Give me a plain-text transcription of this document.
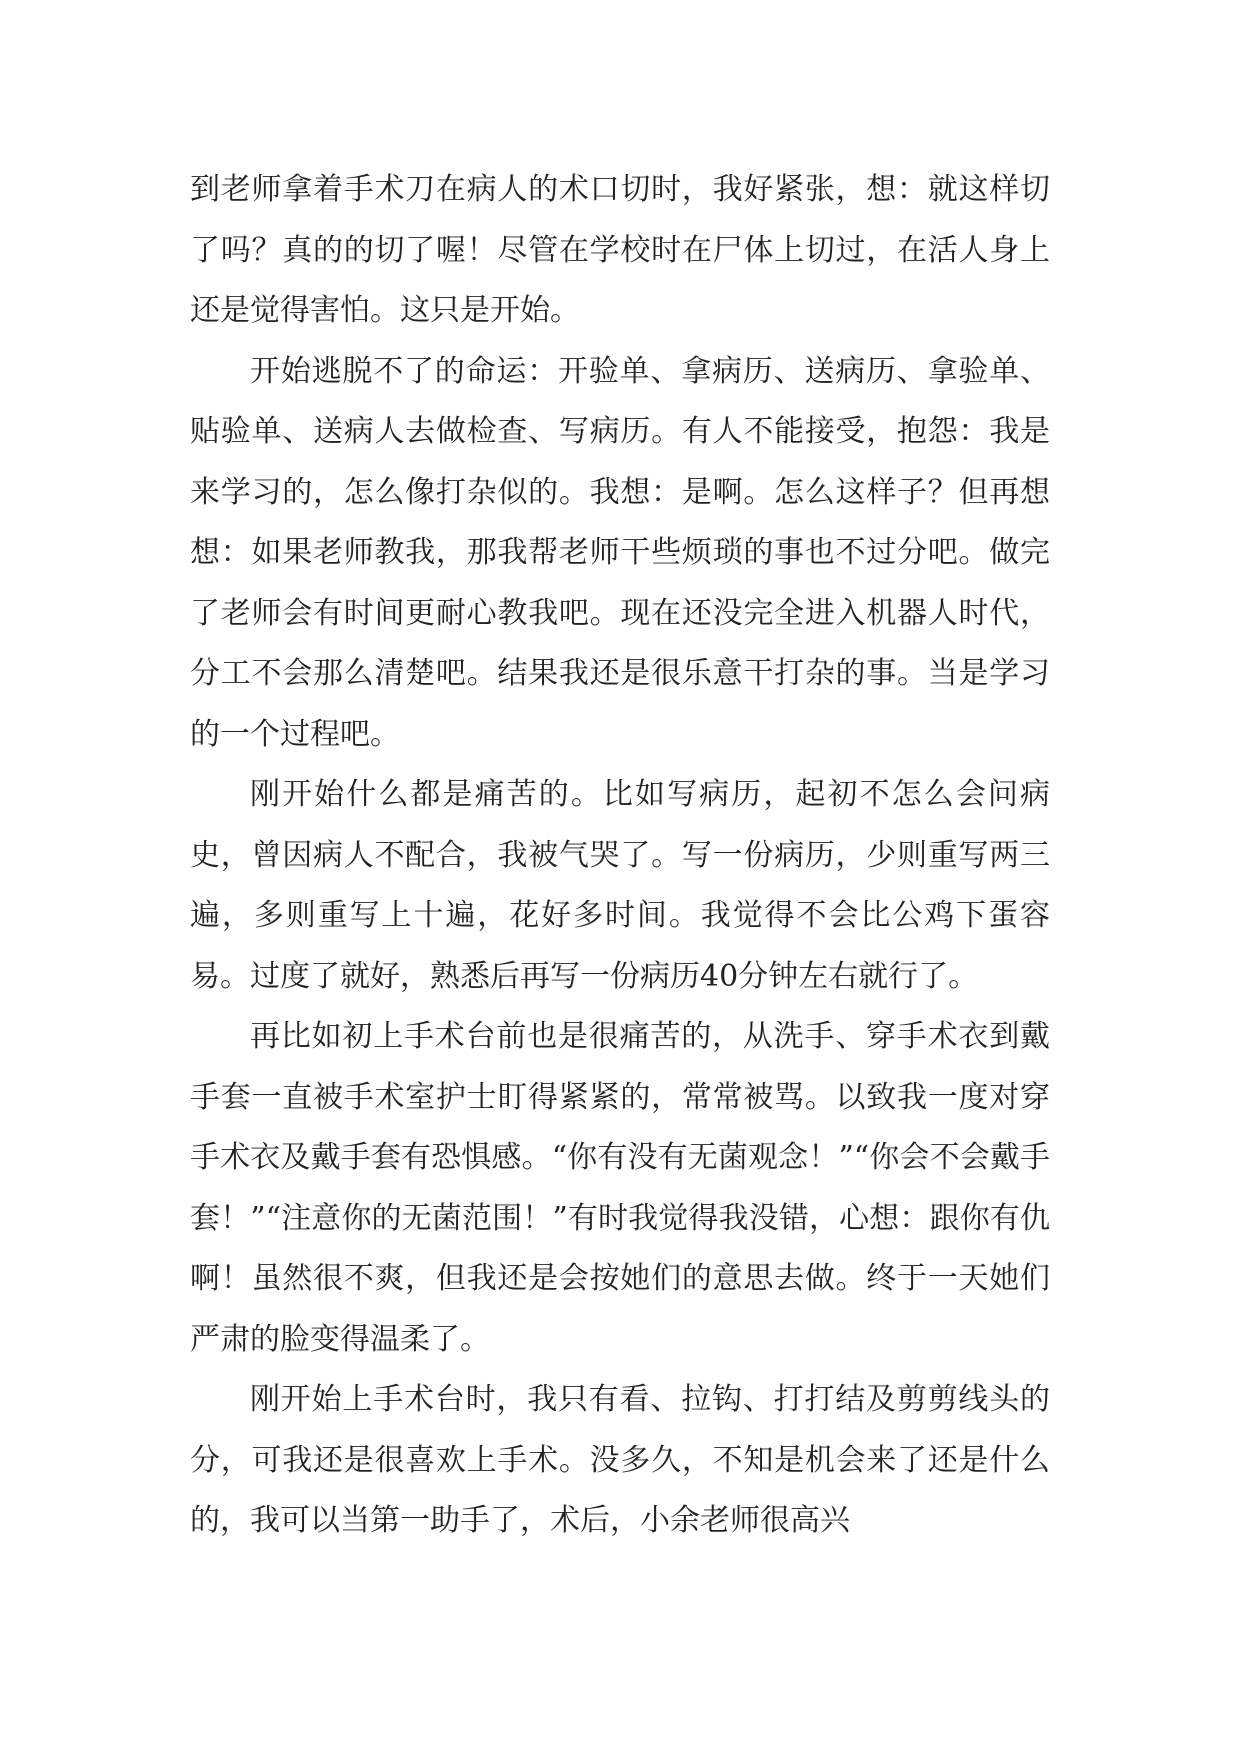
到老师拿着手术刀在病人的术口切时，我好紧张，想：就这样切了吗？真的的切了喔！尽管在学校时在尸体上切过，在活人身上还是觉得害怕。这只是开始。

开始逃脱不了的命运：开验单、拿病历、送病历、拿验单、贴验单、送病人去做检查、写病历。有人不能接受，抱怨：我是来学习的，怎么像打杂似的。我想：是啊。怎么这样子？但再想想：如果老师教我，那我帮老师干些烦琐的事也不过分吧。做完了老师会有时间更耐心教我吧。现在还没完全进入机器人时代，分工不会那么清楚吧。结果我还是很乐意干打杂的事。当是学习的一个过程吧。

刚开始什么都是痛苦的。比如写病历，起初不怎么会问病史，曾因病人不配合，我被气哭了。写一份病历，少则重写两三遍，多则重写上十遍，花好多时间。我觉得不会比公鸡下蛋容易。过度了就好，熟悉后再写一份病历40分钟左右就行了。

再比如初上手术台前也是很痛苦的，从洗手、穿手术衣到戴手套一直被手术室护士盯得紧紧的，常常被骂。以致我一度对穿手术衣及戴手套有恐惧感。“你有没有无菌观念！”“你会不会戴手套！”“注意你的无菌范围！”有时我觉得我没错，心想：跟你有仇啊！虽然很不爽，但我还是会按她们的意思去做。终于一天她们严肃的脸变得温柔了。

刚开始上手术台时，我只有看、拉钩、打打结及剪剪线头的分，可我还是很喜欢上手术。没多久，不知是机会来了还是什么的，我可以当第一助手了，术后，小余老师很高兴
